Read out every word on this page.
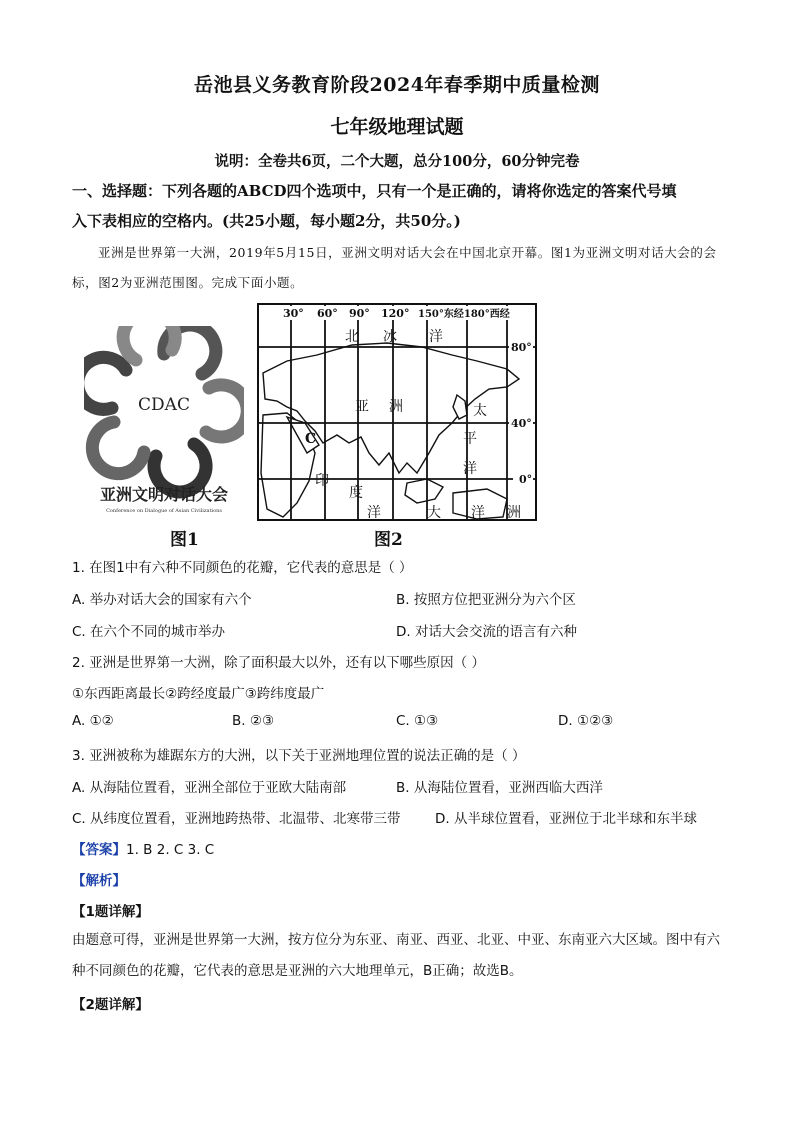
岳池县义务教育阶段2024年春季期中质量检测
七年级地理试题
说明：全卷共6页，二个大题，总分100分，60分钟完卷
一、选择题：下列各题的ABCD四个选项中，只有一个是正确的，请将你选定的答案代号填
入下表相应的空格内。(共25小题，每小题2分，共50分。)
亚洲是世界第一大洲，2019年5月15日，亚洲文明对话大会在中国北京开幕。图1为亚洲文明对话大会的会标，图2为亚洲范围图。完成下面小题。
CDAC
亚洲文明对话大会
Conference on Dialogue of Asian Civilizations
图1
30° 60° 90° 120° 150°东经180°西经
80°
40°
0°
北 冰 洋
亚 洲	太
平
洋
印
度
洋	大 洋 洲
C
图2
1. 在图1中有六种不同颜色的花瓣，它代表的意思是（ ）
A. 举办对话大会的国家有六个	B. 按照方位把亚洲分为六个区
C. 在六个不同的城市举办	D. 对话大会交流的语言有六种
2. 亚洲是世界第一大洲，除了面积最大以外，还有以下哪些原因（ ）
①东西距离最长②跨经度最广③跨纬度最广
A. ①②	B. ②③	C. ①③	D. ①②③
3. 亚洲被称为雄踞东方的大洲，以下关于亚洲地理位置的说法正确的是（ ）
A. 从海陆位置看，亚洲全部位于亚欧大陆南部	B. 从海陆位置看，亚洲西临大西洋
C. 从纬度位置看，亚洲地跨热带、北温带、北寒带三带	D. 从半球位置看，亚洲位于北半球和东半球
【答案】1. B 2. C 3. C
【解析】
【1题详解】
由题意可得，亚洲是世界第一大洲，按方位分为东亚、南亚、西亚、北亚、中亚、东南亚六大区域。图中有六种不同颜色的花瓣，它代表的意思是亚洲的六大地理单元，B正确；故选B。
【2题详解】
